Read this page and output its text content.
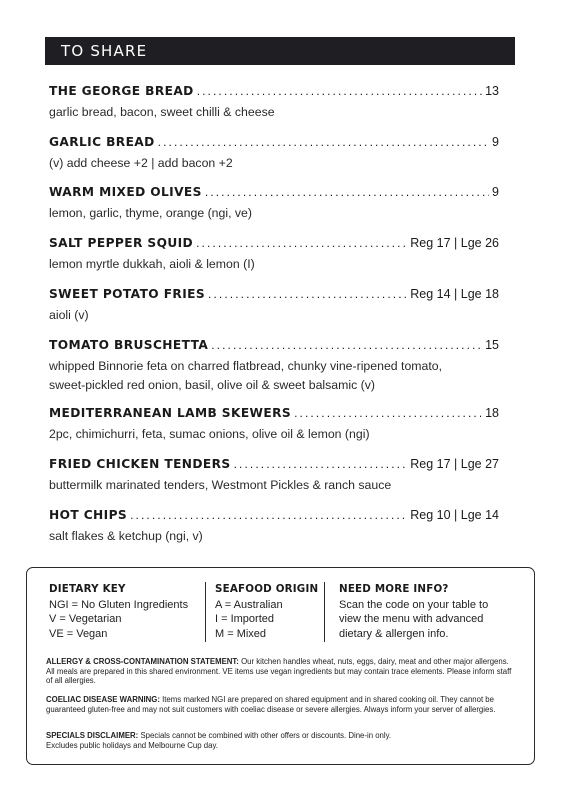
TO SHARE
THE GEORGE BREAD .....	13
garlic bread, bacon, sweet chilli & cheese
GARLIC BREAD .....	9
(v) add cheese +2 | add bacon +2
WARM MIXED OLIVES .....	9
lemon, garlic, thyme, orange (ngi, ve)
SALT PEPPER SQUID .....	Reg 17 | Lge 26
lemon myrtle dukkah, aioli & lemon (I)
SWEET POTATO FRIES .....	Reg 14 | Lge 18
aioli (v)
TOMATO BRUSCHETTA .....	15
whipped Binnorie feta on charred flatbread, chunky vine-ripened tomato,
sweet-pickled red onion, basil, olive oil & sweet balsamic (v)
MEDITERRANEAN LAMB SKEWERS .....	18
2pc, chimichurri, feta, sumac onions, olive oil & lemon (ngi)
FRIED CHICKEN TENDERS .....	Reg 17 | Lge 27
buttermilk marinated tenders, Westmont Pickles & ranch sauce
HOT CHIPS .....	Reg 10 | Lge 14
salt flakes & ketchup (ngi, v)
DIETARY KEY

NGI = No Gluten Ingredients

V = Vegetarian

VE = Vegan

SEAFOOD ORIGIN

A = Australian

I = Imported

M = Mixed

NEED MORE INFO?

Scan the code on your table to

view the menu with advanced

dietary & allergen info.

ALLERGY & CROSS-CONTAMINATION STATEMENT: Our kitchen handles wheat, nuts, eggs, dairy, meat and other major allergens. All meals are prepared in this shared environment. VE items use vegan ingredients but may contain trace elements. Please inform staff of all allergies.
COELIAC DISEASE WARNING: Items marked NGI are prepared on shared equipment and in shared cooking oil. They cannot be guaranteed gluten-free and may not suit customers with coeliac disease or severe allergies. Always inform your server of allergies.
SPECIALS DISCLAIMER: Specials cannot be combined with other offers or discounts. Dine-in only.
Excludes public holidays and Melbourne Cup day.
